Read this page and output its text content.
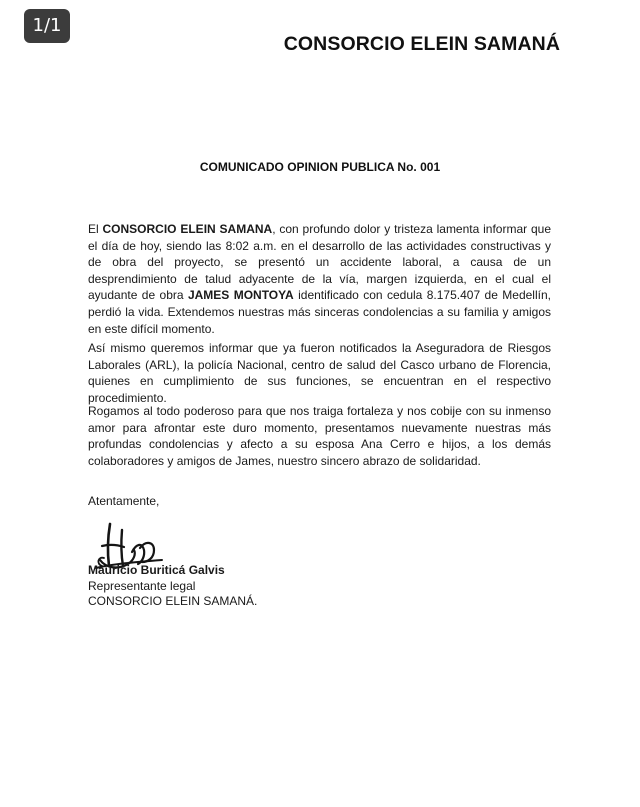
1/1
CONSORCIO ELEIN SAMANÁ
COMUNICADO OPINION PUBLICA No. 001
El CONSORCIO ELEIN SAMANA, con profundo dolor y tristeza lamenta informar que el día de hoy, siendo las 8:02 a.m. en el desarrollo de las actividades constructivas y de obra del proyecto, se presentó un accidente laboral, a causa de un desprendimiento de talud adyacente de la vía, margen izquierda, en el cual el ayudante de obra JAMES MONTOYA identificado con cedula 8.175.407 de Medellín, perdió la vida. Extendemos nuestras más sinceras condolencias a su familia y amigos en este difícil momento.
Así mismo queremos informar que ya fueron notificados la Aseguradora de Riesgos Laborales (ARL), la policía Nacional, centro de salud del Casco urbano de Florencia, quienes en cumplimiento de sus funciones, se encuentran en el respectivo procedimiento.
Rogamos al todo poderoso para que nos traiga fortaleza y nos cobije con su inmenso amor para afrontar este duro momento, presentamos nuevamente nuestras más profundas condolencias y afecto a su esposa Ana Cerro e hijos, a los demás colaboradores y amigos de James, nuestro sincero abrazo de solidaridad.
Atentamente,
Mauricio Buriticá Galvis
Representante legal
CONSORCIO ELEIN SAMANÁ.
